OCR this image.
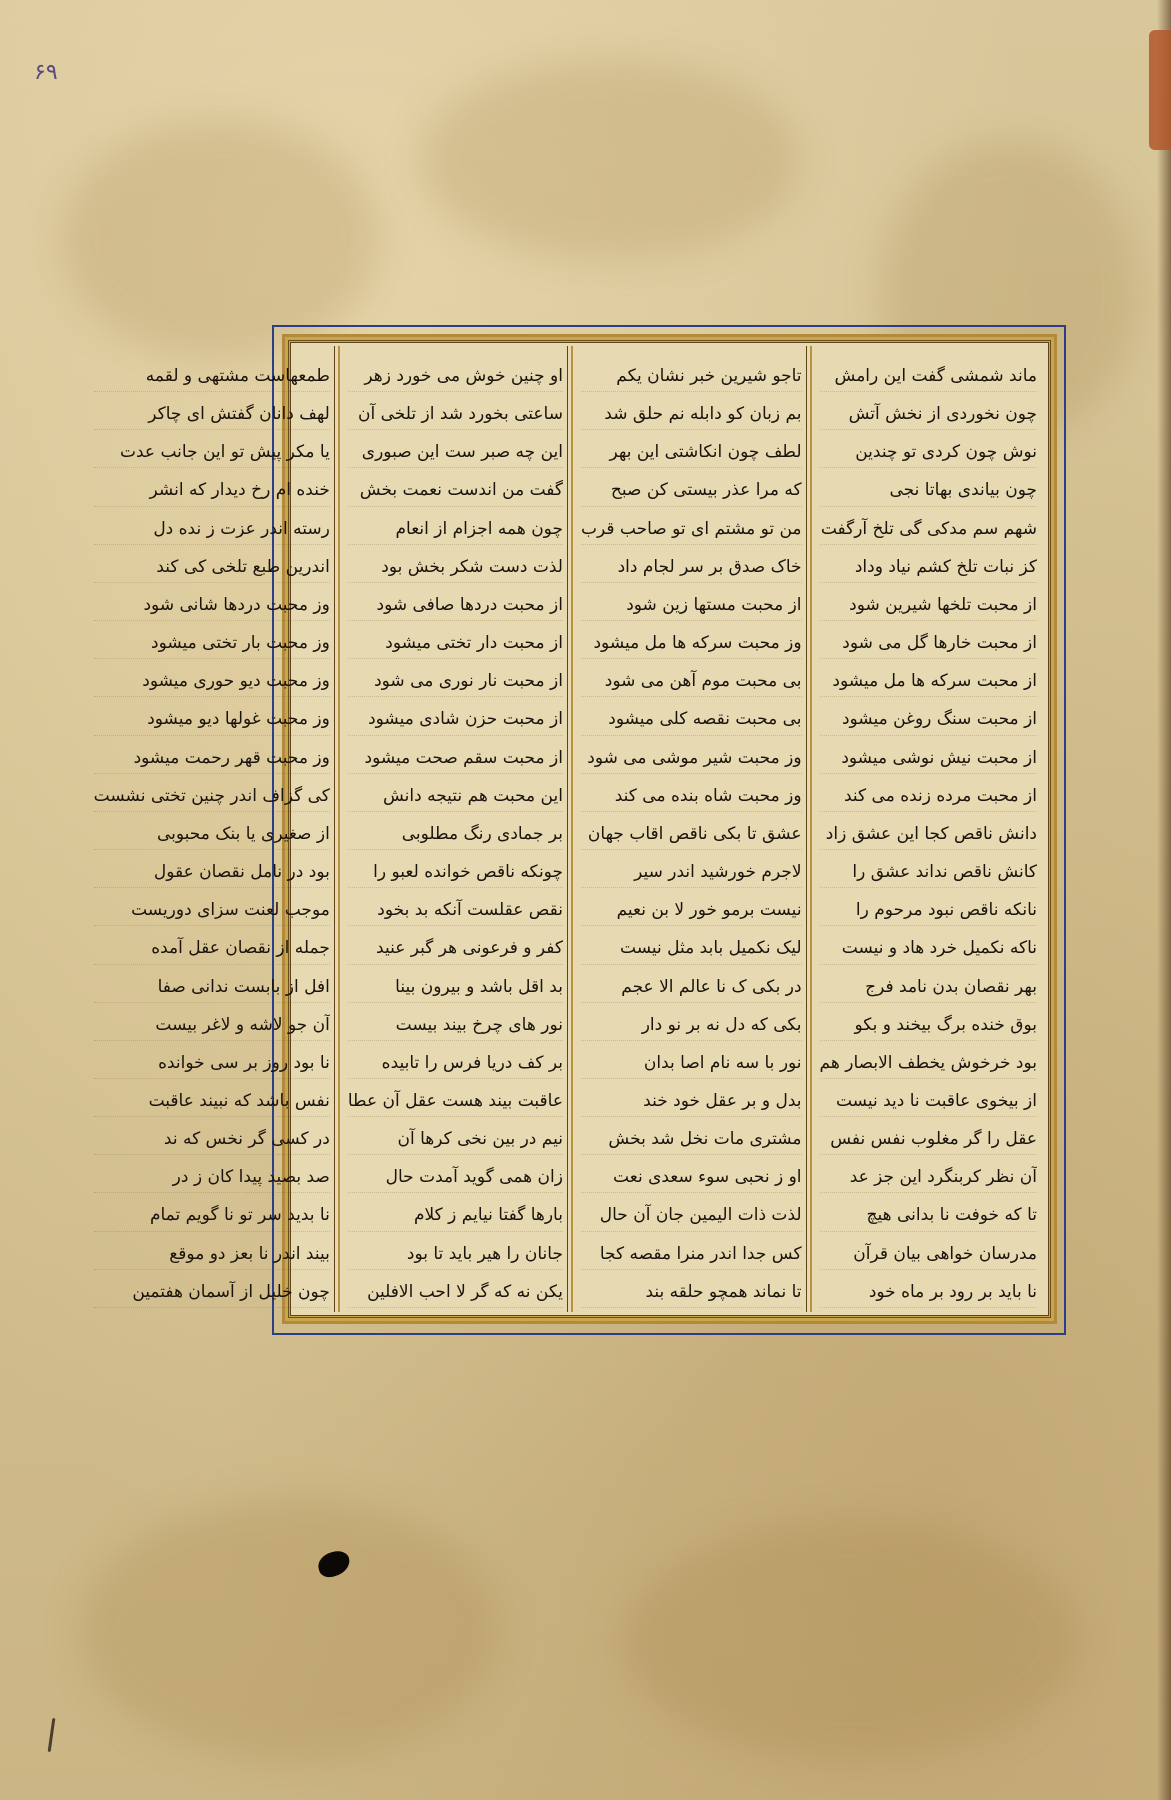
۶۹
ماند شمشی گفت این رامش
چون نخوردی از نخش آتش
نوش چون کردی تو چندین
چون بیاندی بهاتا نجی
شهم سم مدکی گی تلخ آرگفت
کز نبات تلخ کشم نیاد وداد
از محبت تلخها شیرین شود
از محبت خارها گل می شود
از محبت سرکه ها مل میشود
از محبت سنگ روغن میشود
از محبت نیش نوشی میشود
از محبت مرده زنده می کند
دانش ناقص کجا این عشق زاد
کانش ناقص نداند عشق را
نانکه ناقص نبود مرحوم را
ناکه نکمیل خرد هاد و نیست
بهر نقصان بدن نامد فرج
بوق خنده برگ بیخند و بکو
بود خرخوش یخطف الابصار هم
از بیخوی عاقبت نا دید نیست
عقل را گر مغلوب نفس نفس
آن نظر کربنگرد این جز عد
تا که خوفت نا بدانی هیچ
مدرسان خواهی بیان قرآن
نا باید بر رود بر ماه خود
تاجو شیرین خبر نشان یکم
بم زبان کو دابله نم حلق شد
لطف چون انکاشتی این بهر
که مرا عذر بیستی کن صبح
من تو مشتم ای تو صاحب قرب
خاک صدق بر سر لجام داد
از محبت مستها زین شود
وز محبت سرکه ها مل میشود
بی محبت موم آهن می شود
بی محبت نقصه کلی میشود
وز محبت شیر موشی می شود
وز محبت شاه بنده می کند
عشق تا بکی ناقص اقاب جهان
لاجرم خورشید اندر سیر
نیست برمو خور لا بن نعیم
لیک نکمیل بابد مثل نیست
در بکی ک نا عالم الا عجم
بکی که دل نه بر نو دار
نور با سه نام اصا بدان
بدل و بر عقل خود خند
مشتری مات نخل شد بخش
او ز نحبی سوء سعدی نعت
لذت ذات الیمین جان آن حال
کس جدا اندر منرا مقصه کجا
تا نماند همچو حلقه بند
او چنین خوش می خورد زهر
ساعتی بخورد شد از تلخی آن
این چه صبر ست این صبوری
گفت من اندست نعمت بخش
چون همه اجزام از انعام
لذت دست شکر بخش بود
از محبت دردها صافی شود
از محبت دار تختی میشود
از محبت نار نوری می شود
از محبت حزن شادی میشود
از محبت سقم صحت میشود
این محبت هم نتیجه دانش
بر جمادی رنگ مطلوبی
چونکه ناقص خوانده لعبو را
نقص عقلست آنکه بد بخود
کفر و فرعونی هر گبر عنید
بد اقل باشد و بیرون بینا
نور های چرخ بیند بیست
بر کف دریا فرس را تابیده
عاقبت بیند هست عقل آن عطا
نیم در بین نخی کرها آن
زان همی گوید آمدت حال
بارها گفتا نیایم ز کلام
جانان را هیر باید تا بود
یکن نه که گر لا احب الافلین
طمعهاست مشتهی و لقمه
لهف دانان گفتش ای چاکر
یا مکر پیش تو این جانب عدت
خنده ام رخ دیدار که انشر
رسته اندر عزت ز نده دل
اندرین طبع تلخی کی کند
وز محبت دردها شانی شود
وز محبت بار تختی میشود
وز محبت دیو حوری میشود
وز محبت غولها دیو میشود
وز محبت قهر رحمت میشود
کی گزاف اندر چنین تختی نشست
از صغیری یا بنک محبوبی
بود در نامل نقصان عقول
موجب لعنت سزای دوریست
جمله از نقصان عقل آمده
افل از بابست ندانی صفا
آن جو لاشه و لاغر بیست
نا بود روز بر سی خوانده
نفس باشد که نبیند عاقبت
در کسی گر نخس که ند
صد بصید پیدا کان ز در
نا بدید سر تو نا گویم تمام
بیند اندر نا بعز دو موقع
چون خلیل از آسمان هفتمین
